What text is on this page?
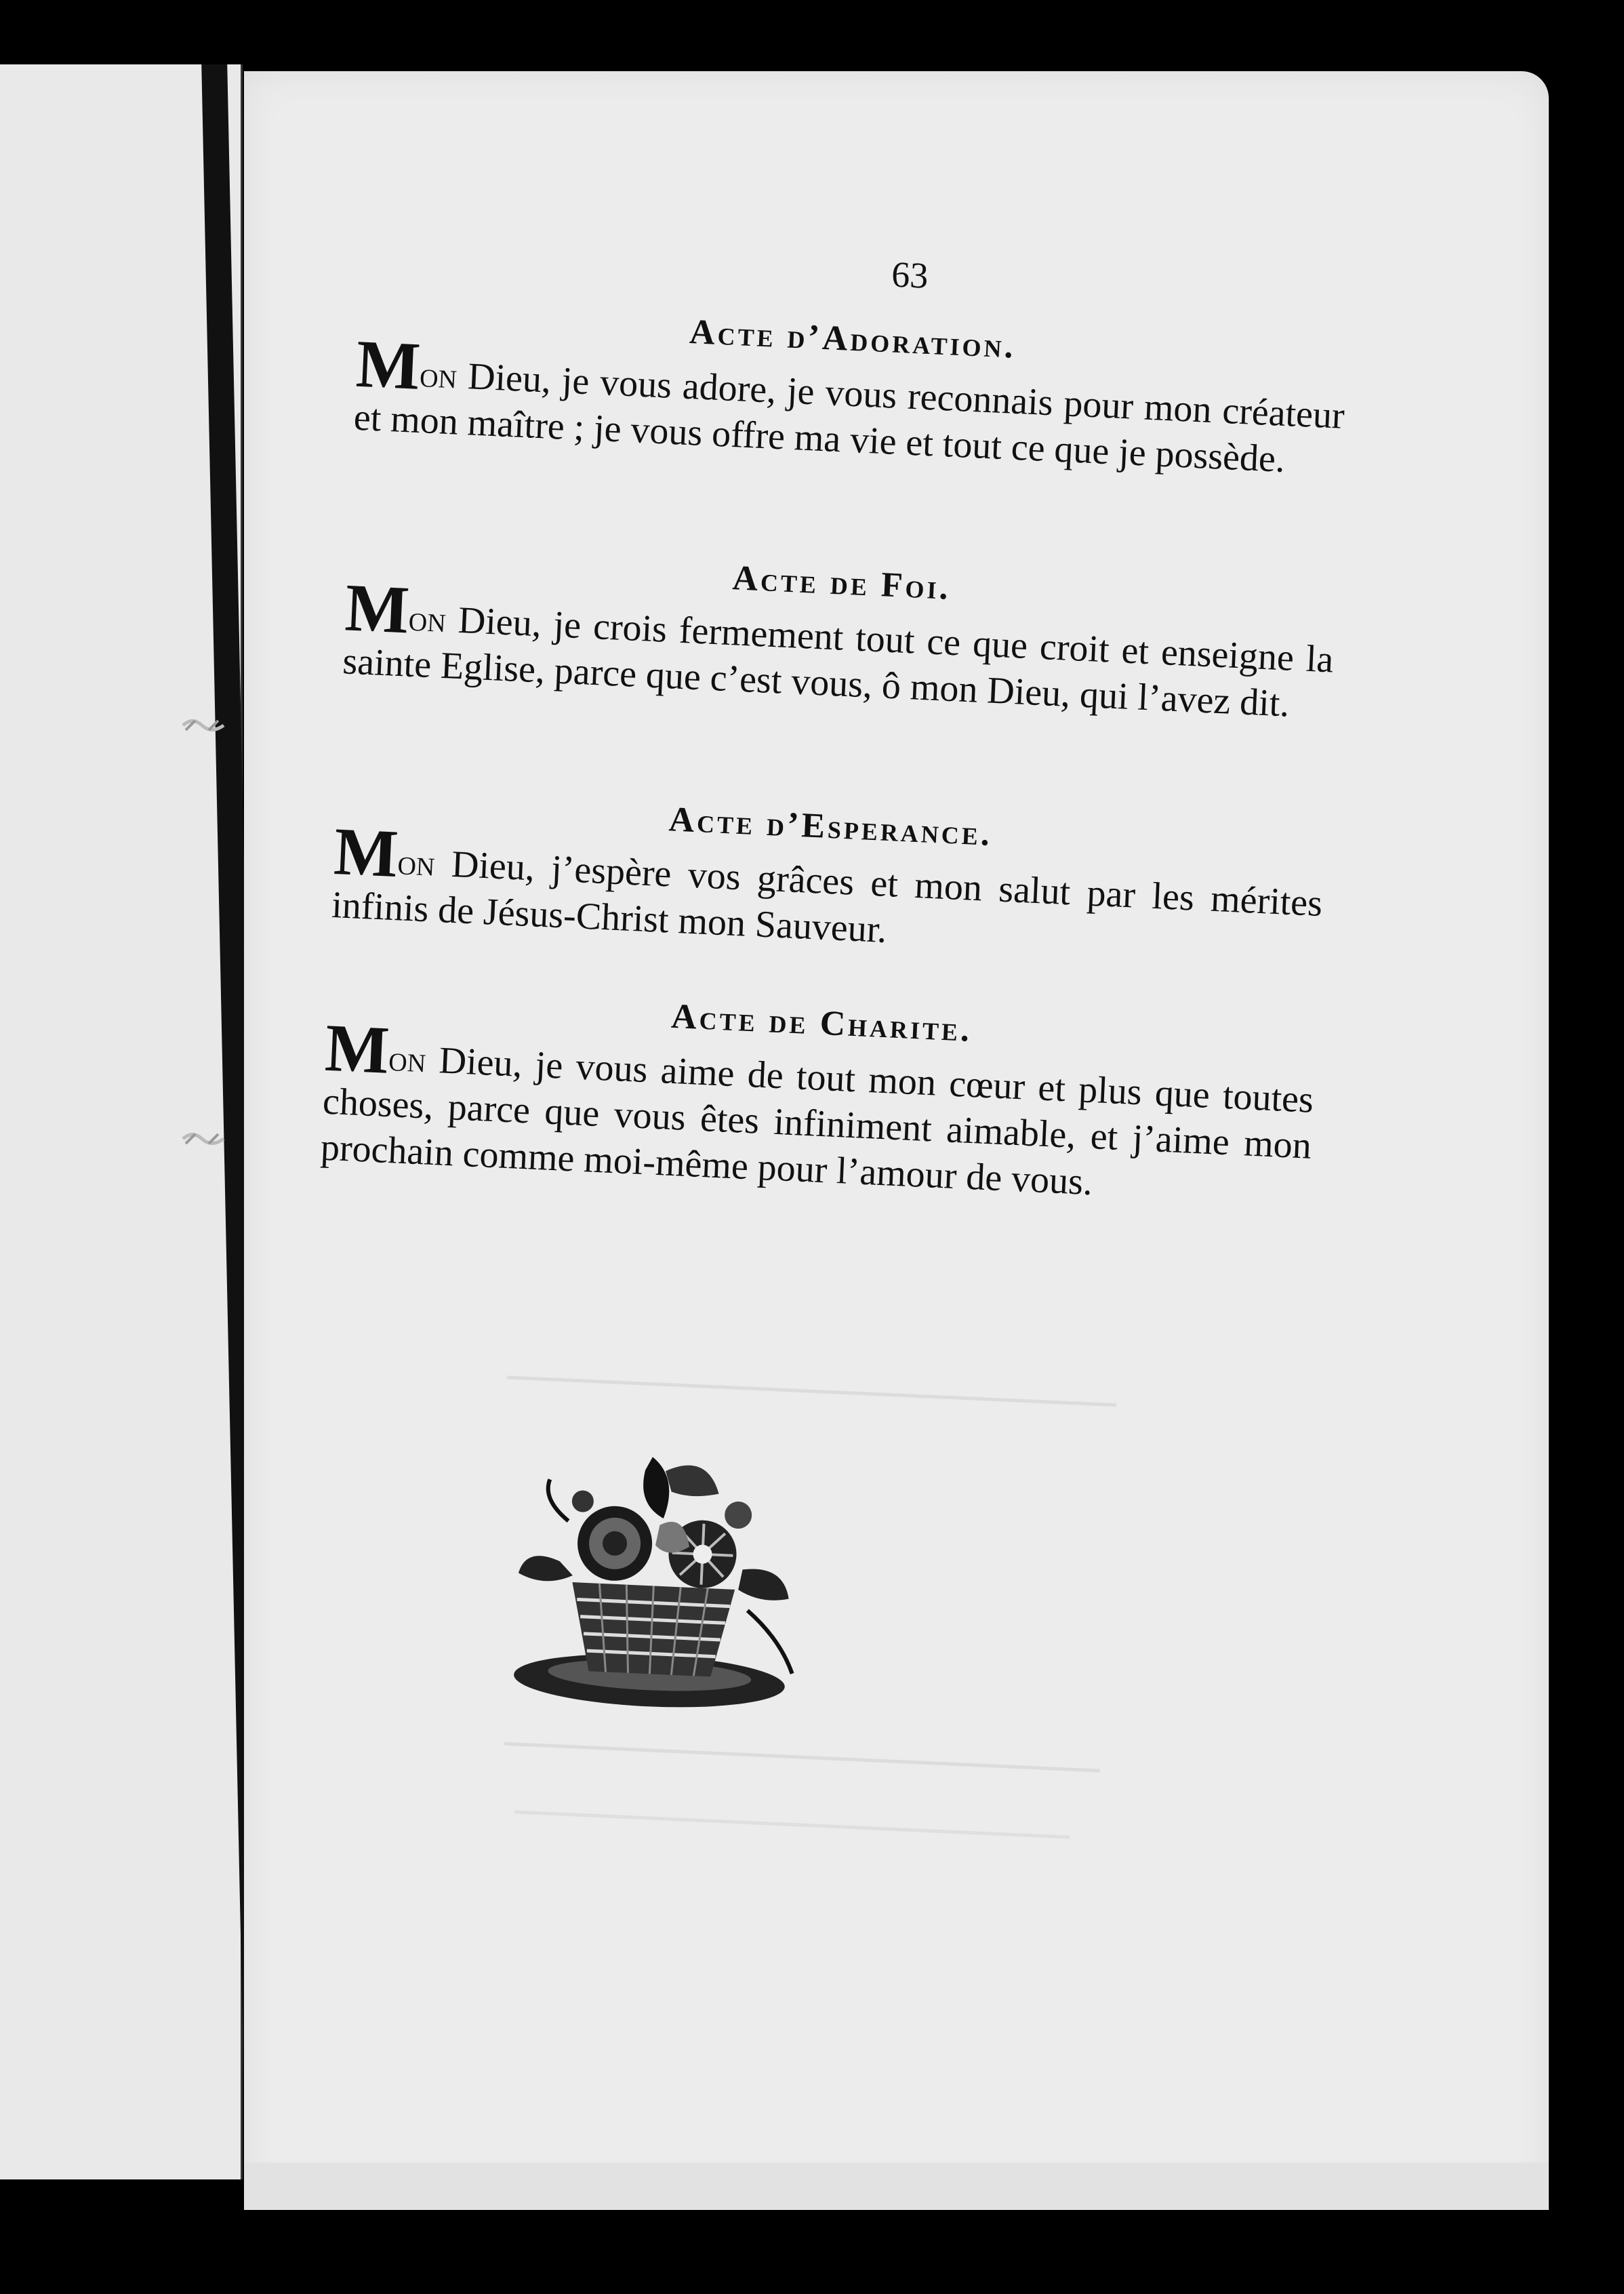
63
Acte d’Adoration.
Mon Dieu, je vous adore, je vous reconnais pour mon créateur et mon maître ; je vous offre ma vie et tout ce que je possède.
Acte de Foi.
Mon Dieu, je crois fermement tout ce que croit et enseigne la sainte Eglise, parce que c’est vous, ô mon Dieu, qui l’avez dit.
Acte d’Esperance.
Mon Dieu, j’espère vos grâces et mon salut par les mérites infinis de Jésus-Christ mon Sauveur.
Acte de Charite.
Mon Dieu, je vous aime de tout mon cœur et plus que toutes choses, parce que vous êtes infiniment aimable, et j’aime mon prochain comme moi-même pour l’amour de vous.
